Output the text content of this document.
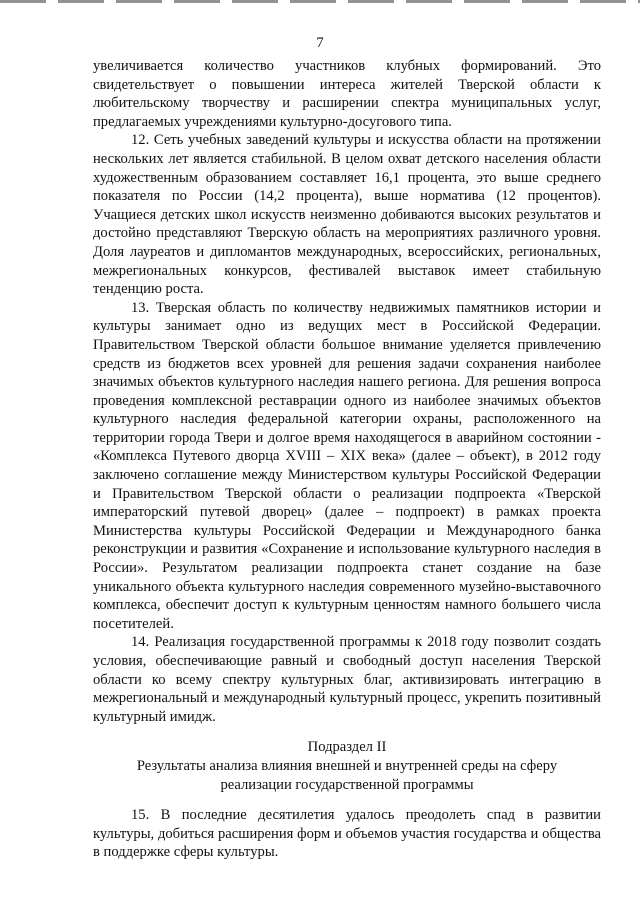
7

увеличивается количество участников клубных формирований. Это свидетельствует о повышении интереса жителей Тверской области к любительскому творчеству и расширении спектра муниципальных услуг, предлагаемых учреждениями культурно-досугового типа.

12. Сеть учебных заведений культуры и искусства области на протяжении нескольких лет является стабильной. В целом охват детского населения области художественным образованием составляет 16,1 процента, это выше среднего показателя по России (14,2 процента), выше норматива (12 процентов). Учащиеся детских школ искусств неизменно добиваются высоких результатов и достойно представляют Тверскую область на мероприятиях различного уровня. Доля лауреатов и дипломантов международных, всероссийских, региональных, межрегиональных конкурсов, фестивалей выставок имеет стабильную тенденцию роста.

13. Тверская область по количеству недвижимых памятников истории и культуры занимает одно из ведущих мест в Российской Федерации. Правительством Тверской области большое внимание уделяется привлечению средств из бюджетов всех уровней для решения задачи сохранения наиболее значимых объектов культурного наследия нашего региона. Для решения вопроса проведения комплексной реставрации одного из наиболее значимых объектов культурного наследия федеральной категории охраны, расположенного на территории города Твери и долгое время находящегося в аварийном состоянии - «Комплекса Путевого дворца XVIII – XIX века» (далее – объект), в 2012 году заключено соглашение между Министерством культуры Российской Федерации и Правительством Тверской области о реализации подпроекта «Тверской императорский путевой дворец» (далее – подпроект) в рамках проекта Министерства культуры Российской Федерации и Международного банка реконструкции и развития «Сохранение и использование культурного наследия в России». Результатом реализации подпроекта станет создание на базе уникального объекта культурного наследия современного музейно-выставочного комплекса, обеспечит доступ к культурным ценностям намного большего числа посетителей.

14. Реализация государственной программы к 2018 году позволит создать условия, обеспечивающие равный и свободный доступ населения Тверской области ко всему спектру культурных благ, активизировать интеграцию в межрегиональный и международный культурный процесс, укрепить позитивный культурный имидж.

Подраздел II
Результаты анализа влияния внешней и внутренней среды на сферу
реализации государственной программы

15. В последние десятилетия удалось преодолеть спад в развитии культуры, добиться расширения форм и объемов участия государства и общества в поддержке сферы культуры.
